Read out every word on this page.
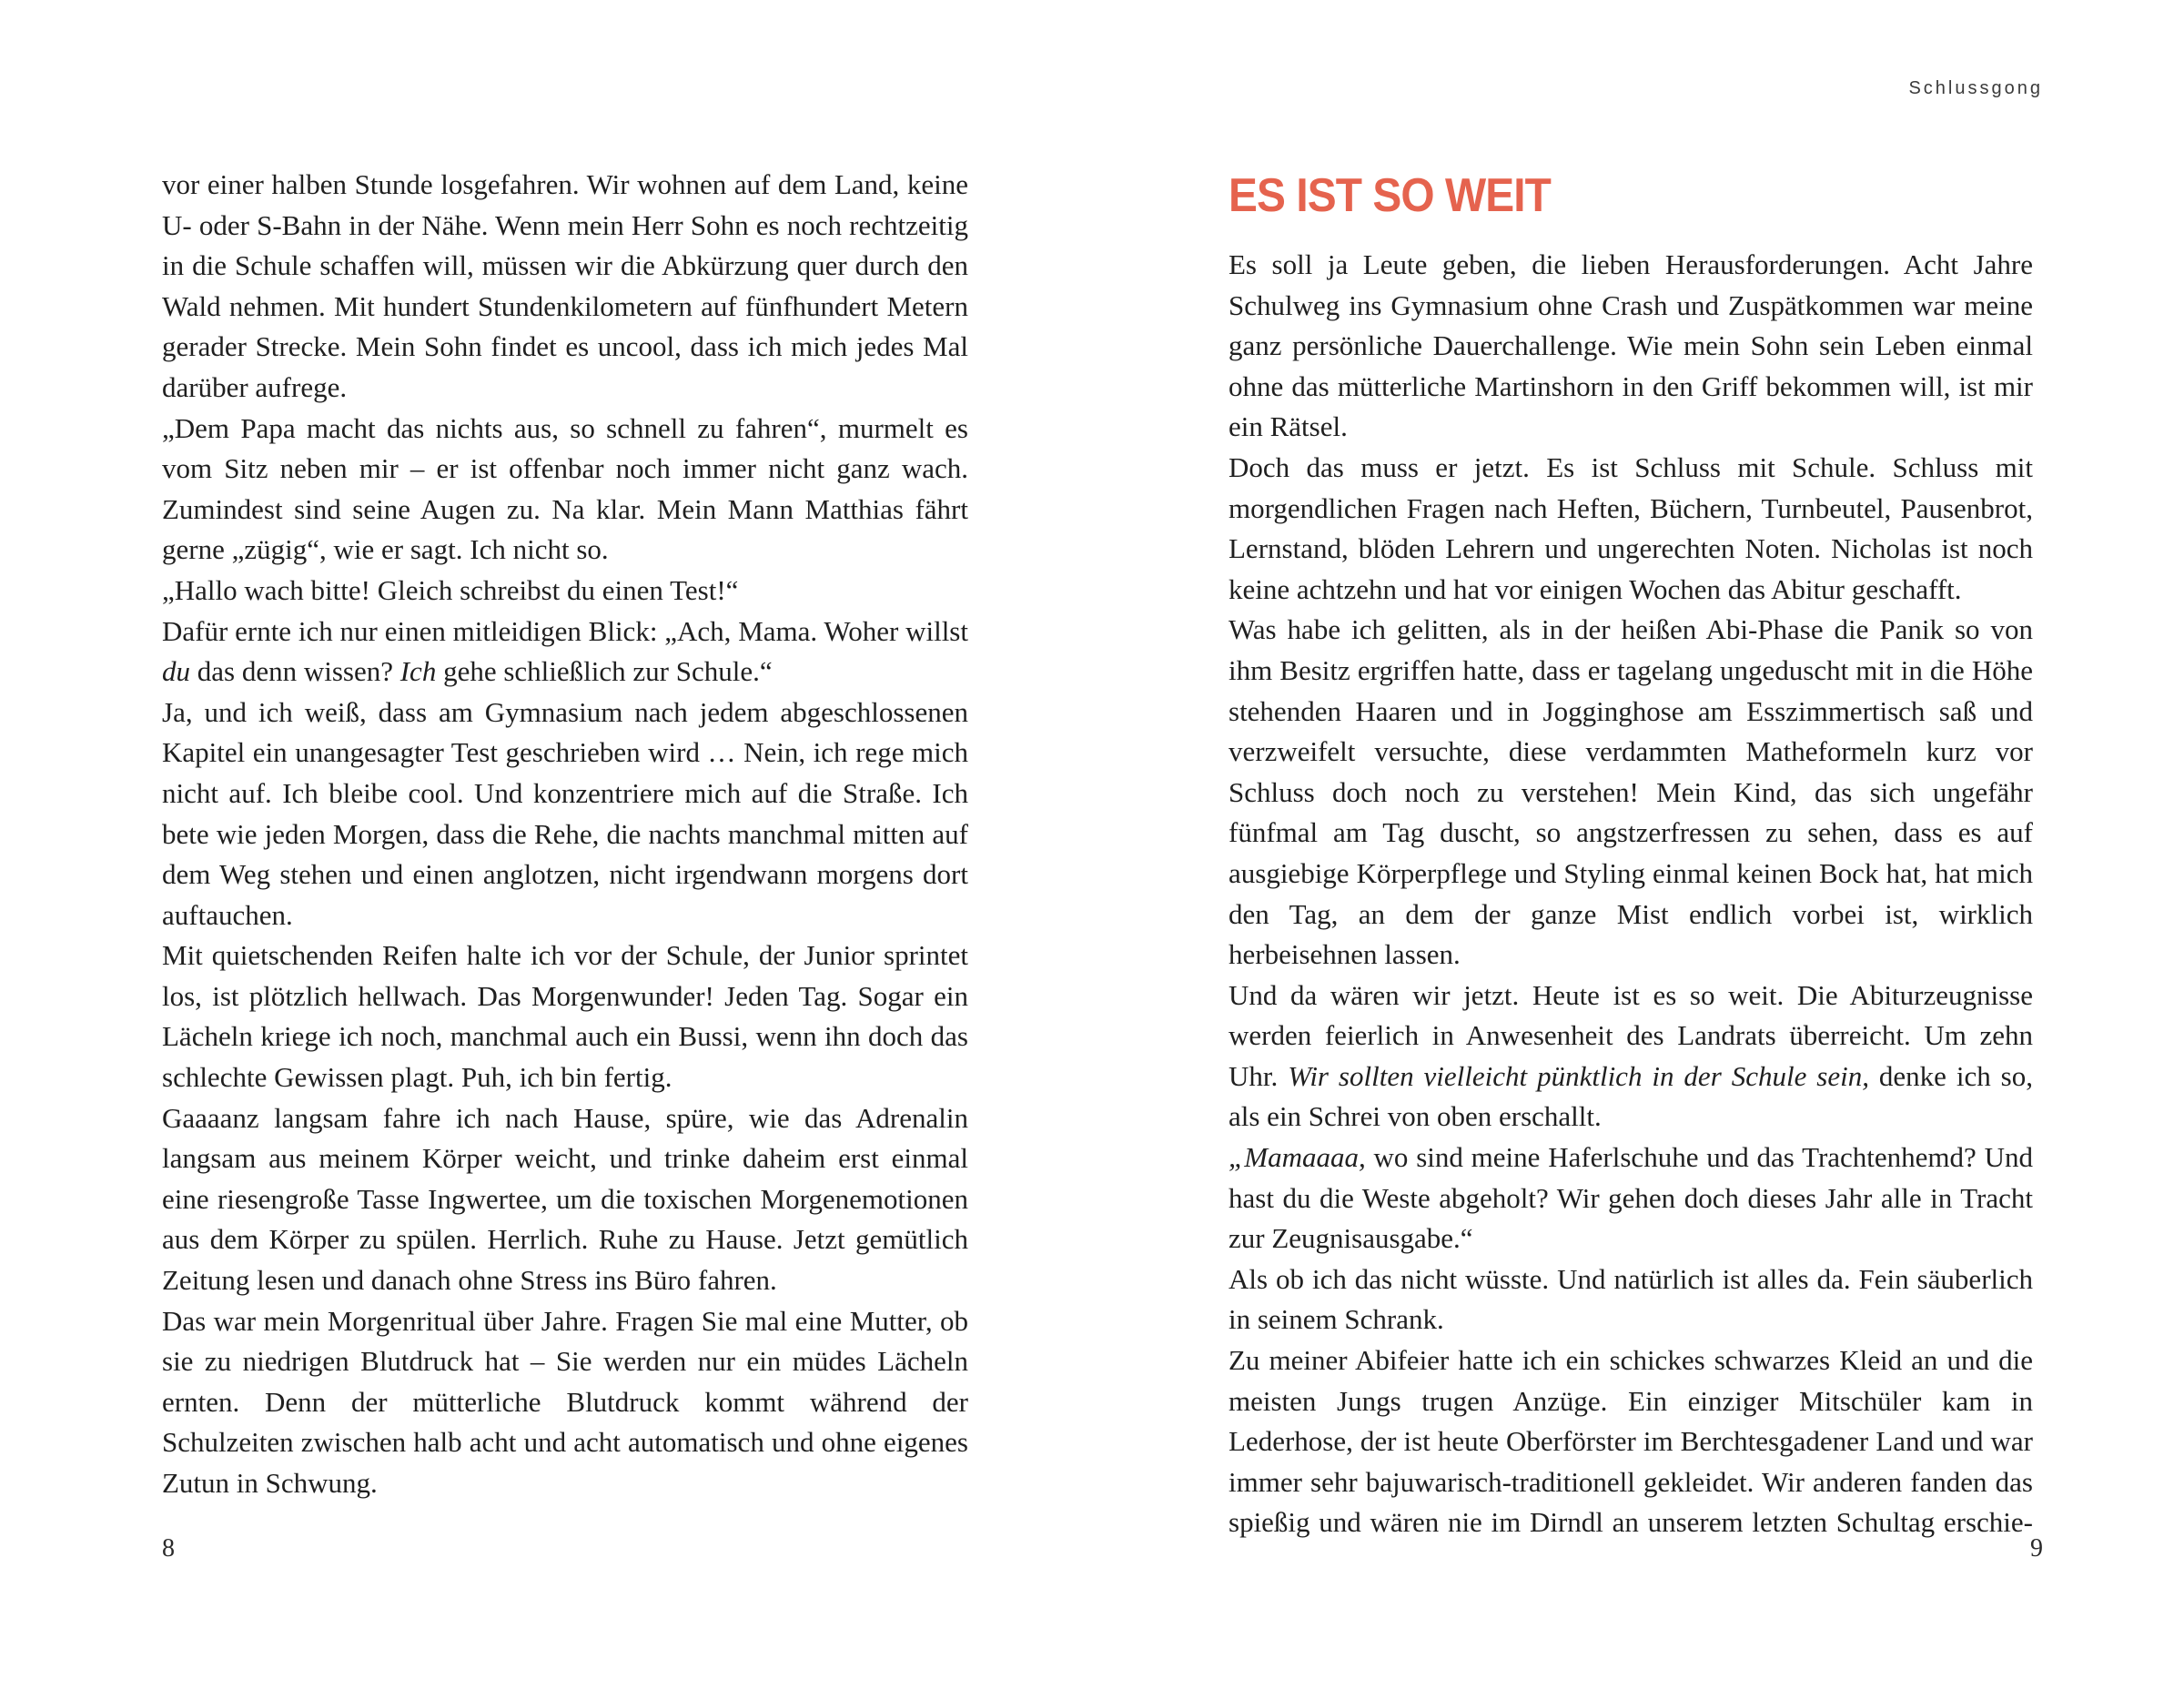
vor einer halben Stunde losgefahren. Wir wohnen auf dem Land, keine U- oder S-Bahn in der Nähe. Wenn mein Herr Sohn es noch rechtzeitig in die Schule schaffen will, müssen wir die Abkürzung quer durch den Wald nehmen. Mit hundert Stundenkilometern auf fünfhundert Metern gerader Strecke. Mein Sohn findet es uncool, dass ich mich jedes Mal darüber aufrege.

„Dem Papa macht das nichts aus, so schnell zu fahren“, murmelt es vom Sitz neben mir – er ist offenbar noch immer nicht ganz wach. Zumindest sind seine Augen zu. Na klar. Mein Mann Matthias fährt gerne „zügig“, wie er sagt. Ich nicht so.

„Hallo wach bitte! Gleich schreibst du einen Test!“

Dafür ernte ich nur einen mitleidigen Blick: „Ach, Mama. Woher willst du das denn wissen? Ich gehe schließlich zur Schule.“

Ja, und ich weiß, dass am Gymnasium nach jedem abgeschlossenen Kapitel ein unangesagter Test geschrieben wird … Nein, ich rege mich nicht auf. Ich bleibe cool. Und konzentriere mich auf die Straße. Ich bete wie jeden Morgen, dass die Rehe, die nachts manchmal mitten auf dem Weg stehen und einen anglotzen, nicht irgendwann morgens dort auftauchen.

Mit quietschenden Reifen halte ich vor der Schule, der Junior sprintet los, ist plötzlich hellwach. Das Morgenwunder! Jeden Tag. Sogar ein Lächeln kriege ich noch, manchmal auch ein Bussi, wenn ihn doch das schlechte Gewissen plagt. Puh, ich bin fertig.

Gaaaanz langsam fahre ich nach Hause, spüre, wie das Adrenalin langsam aus meinem Körper weicht, und trinke daheim erst einmal eine riesengroße Tasse Ingwertee, um die toxischen Morgenemotionen aus dem Körper zu spülen. Herrlich. Ruhe zu Hause. Jetzt gemütlich Zeitung lesen und danach ohne Stress ins Büro fahren.

Das war mein Morgenritual über Jahre. Fragen Sie mal eine Mutter, ob sie zu niedrigen Blutdruck hat – Sie werden nur ein müdes Lächeln ernten. Denn der mütterliche Blutdruck kommt während der Schulzeiten zwischen halb acht und acht automatisch und ohne eigenes Zutun in Schwung.

8
Schlussgong
ES IST SO WEIT

Es soll ja Leute geben, die lieben Herausforderungen. Acht Jahre Schulweg ins Gymnasium ohne Crash und Zuspätkommen war meine ganz persönliche Dauerchallenge. Wie mein Sohn sein Leben einmal ohne das mütterliche Martinshorn in den Griff bekommen will, ist mir ein Rätsel.

Doch das muss er jetzt. Es ist Schluss mit Schule. Schluss mit morgendlichen Fragen nach Heften, Büchern, Turnbeutel, Pausenbrot, Lernstand, blöden Lehrern und ungerechten Noten. Nicholas ist noch keine achtzehn und hat vor einigen Wochen das Abitur geschafft.

Was habe ich gelitten, als in der heißen Abi-Phase die Panik so von ihm Besitz ergriffen hatte, dass er tagelang ungeduscht mit in die Höhe stehenden Haaren und in Jogginghose am Esszimmertisch saß und verzweifelt versuchte, diese verdammten Matheformeln kurz vor Schluss doch noch zu verstehen! Mein Kind, das sich ungefähr fünfmal am Tag duscht, so angstzerfressen zu sehen, dass es auf ausgiebige Körperpflege und Styling einmal keinen Bock hat, hat mich den Tag, an dem der ganze Mist endlich vorbei ist, wirklich herbeisehnen lassen.

Und da wären wir jetzt. Heute ist es so weit. Die Abiturzeugnisse werden feierlich in Anwesenheit des Landrats überreicht. Um zehn Uhr. Wir sollten vielleicht pünktlich in der Schule sein, denke ich so, als ein Schrei von oben erschallt.

„Mamaaaa, wo sind meine Haferlschuhe und das Trachtenhemd? Und hast du die Weste abgeholt? Wir gehen doch dieses Jahr alle in Tracht zur Zeugnisausgabe.“

Als ob ich das nicht wüsste. Und natürlich ist alles da. Fein säuberlich in seinem Schrank.

Zu meiner Abifeier hatte ich ein schickes schwarzes Kleid an und die meisten Jungs trugen Anzüge. Ein einziger Mitschüler kam in Lederhose, der ist heute Oberförster im Berchtesgadener Land und war immer sehr bajuwarisch-traditionell gekleidet. Wir anderen fanden das spießig und wären nie im Dirndl an unserem letzten Schultag erschie-

9
